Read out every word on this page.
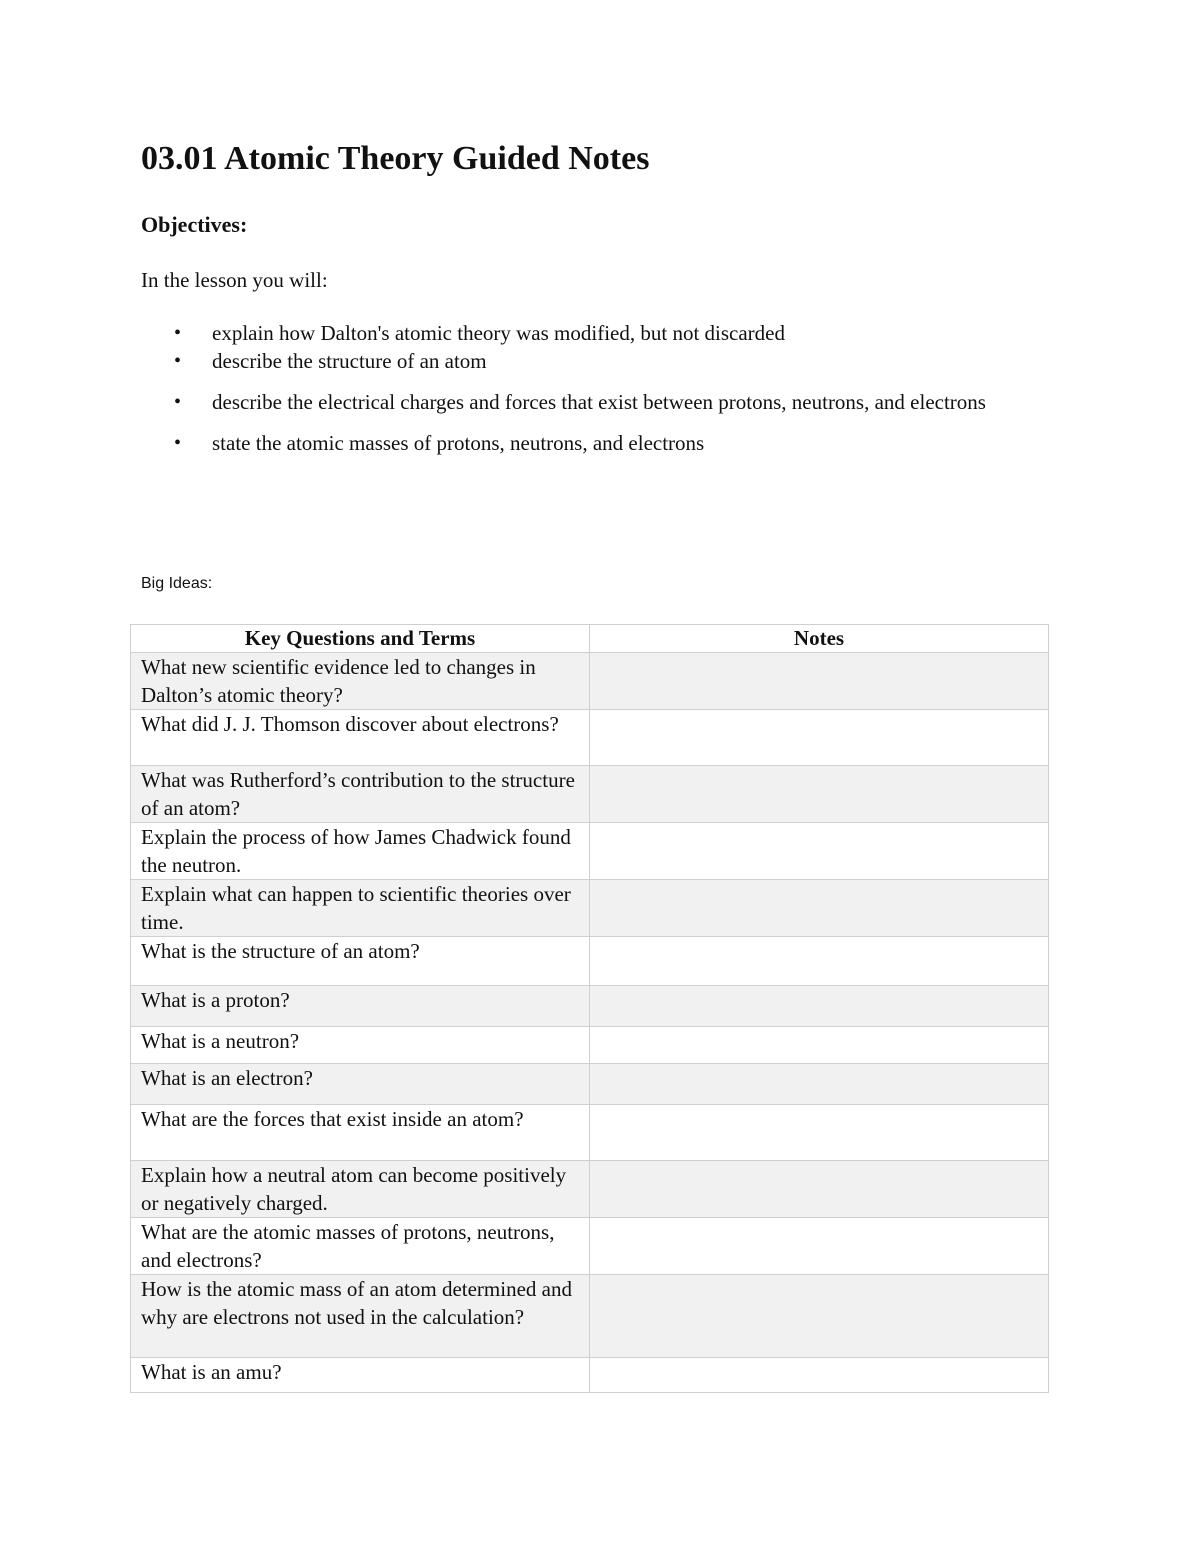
03.01 Atomic Theory Guided Notes
Objectives:

In the lesson you will:

• explain how Dalton's atomic theory was modified, but not discarded
• describe the structure of an atom
• describe the electrical charges and forces that exist between protons, neutrons, and electrons
• state the atomic masses of protons, neutrons, and electrons

Big Ideas:

Key Questions and Terms	Notes
What new scientific evidence led to changes in Dalton’s atomic theory?	
What did J. J. Thomson discover about electrons?	
What was Rutherford’s contribution to the structure of an atom?	
Explain the process of how James Chadwick found the neutron.	
Explain what can happen to scientific theories over time.	
What is the structure of an atom?	
What is a proton?	
What is a neutron?	
What is an electron?	
What are the forces that exist inside an atom?	
Explain how a neutral atom can become positively or negatively charged.	
What are the atomic masses of protons, neutrons, and electrons?	
How is the atomic mass of an atom determined and why are electrons not used in the calculation?	
What is an amu?	
